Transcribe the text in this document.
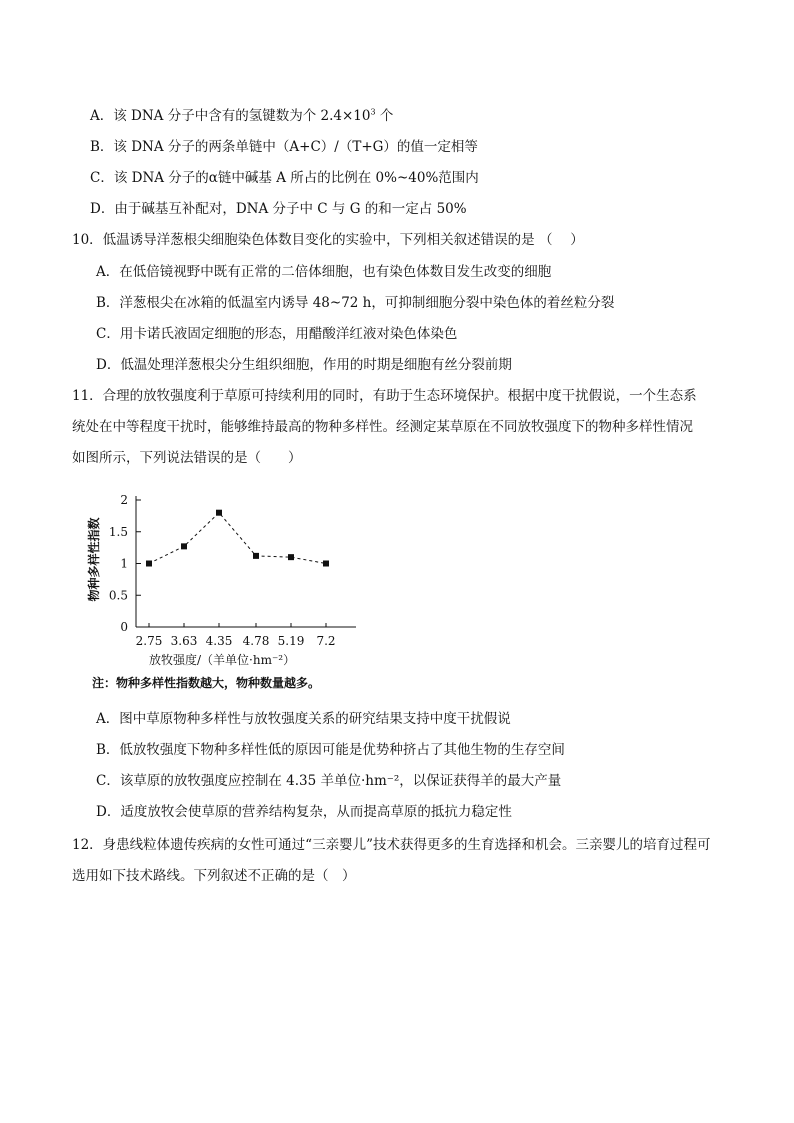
A．该 DNA 分子中含有的氢键数为个 $2.4\times 10^3$ 个
B．该 DNA 分子的两条单链中（A+C）/（T+G）的值一定相等
C．该 DNA 分子的α链中碱基 A 所占的比例在 0%~40%范围内
D．由于碱基互补配对，DNA 分子中 C 与 G 的和一定占 50%
10．低温诱导洋葱根尖细胞染色体数目变化的实验中，下列相关叙述错误的是 （　 ）
A．在低倍镜视野中既有正常的二倍体细胞，也有染色体数目发生改变的细胞
B．洋葱根尖在冰箱的低温室内诱导 48~72 h，可抑制细胞分裂中染色体的着丝粒分裂
C．用卡诺氏液固定细胞的形态，用醋酸洋红液对染色体染色
D．低温处理洋葱根尖分生组织细胞，作用的时期是细胞有丝分裂前期
11．合理的放牧强度利于草原可持续利用的同时，有助于生态环境保护。根据中度干扰假说，一个生态系
统处在中等程度干扰时，能够维持最高的物种多样性。经测定某草原在不同放牧强度下的物种多样性情况
如图所示，下列说法错误的是（　　）
0
0.5
1
1.5
2
2.75 3.63 4.35 4.78 5.19 7.2
物种多样性指数
放牧强度/（羊单位·hm⁻²）
注：物种多样性指数越大，物种数量越多。
A．图中草原物种多样性与放牧强度关系的研究结果支持中度干扰假说
B．低放牧强度下物种多样性低的原因可能是优势种挤占了其他生物的生存空间
C．该草原的放牧强度应控制在 4.35 羊单位·hm⁻²，以保证获得羊的最大产量
D．适度放牧会使草原的营养结构复杂，从而提高草原的抵抗力稳定性
12．身患线粒体遗传疾病的女性可通过“三亲婴儿”技术获得更多的生育选择和机会。三亲婴儿的培育过程可
选用如下技术路线。下列叙述不正确的是（　）
